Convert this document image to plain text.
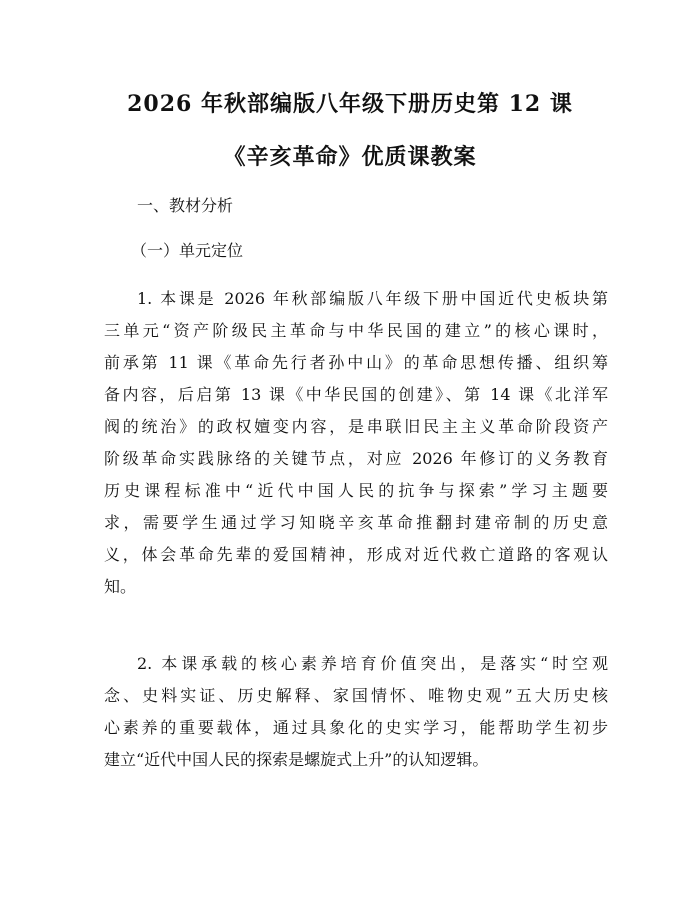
2026 年秋部编版八年级下册历史第 12 课
《辛亥革命》优质课教案
一、教材分析
（一）单元定位
1. 本课是 2026 年秋部编版八年级下册中国近代史板块第
三单元“资产阶级民主革命与中华民国的建立”的核心课时，
前承第 11 课《革命先行者孙中山》的革命思想传播、组织筹
备内容，后启第 13 课《中华民国的创建》、第 14 课《北洋军
阀的统治》的政权嬗变内容，是串联旧民主主义革命阶段资产
阶级革命实践脉络的关键节点，对应 2026 年修订的义务教育
历史课程标准中“近代中国人民的抗争与探索”学习主题要
求，需要学生通过学习知晓辛亥革命推翻封建帝制的历史意
义，体会革命先辈的爱国精神，形成对近代救亡道路的客观认
知。
2. 本课承载的核心素养培育价值突出，是落实“时空观
念、史料实证、历史解释、家国情怀、唯物史观”五大历史核
心素养的重要载体，通过具象化的史实学习，能帮助学生初步
建立“近代中国人民的探索是螺旋式上升”的认知逻辑。
